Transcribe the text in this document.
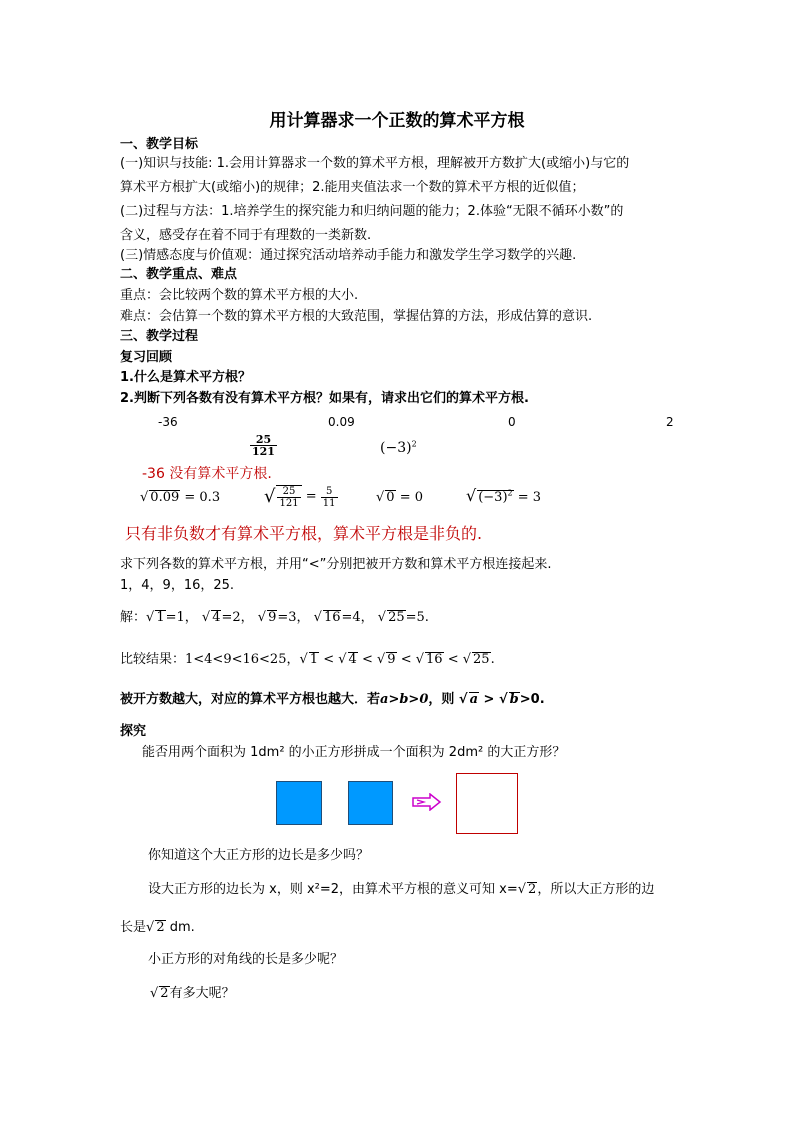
用计算器求一个正数的算术平方根
一、教学目标
(一)知识与技能: 1.会用计算器求一个数的算术平方根，理解被开方数扩大(或缩小)与它的
算术平方根扩大(或缩小)的规律；2.能用夹值法求一个数的算术平方根的近似值；
(二)过程与方法：1.培养学生的探究能力和归纳问题的能力；2.体验“无限不循环小数”的
含义，感受存在着不同于有理数的一类新数.
(三)情感态度与价值观：通过探究活动培养动手能力和激发学生学习数学的兴趣.
二、教学重点、难点
重点：会比较两个数的算术平方根的大小.
难点：会估算一个数的算术平方根的大致范围，掌握估算的方法，形成估算的意识.
三、教学过程
复习回顾
1.什么是算术平方根？
2.判断下列各数有没有算术平方根？如果有，请求出它们的算术平方根.
-36	0.09	0	2
$\frac{25}{121}$	$(-3)^2$
-36 没有算术平方根.
√ 0.09 = 0.3 √ $\frac{25}{121} = \frac{5}{11}$	√ 0 = 0	√ $(-3)^2 = 3$
只有非负数才有算术平方根，算术平方根是非负的.
求下列各数的算术平方根，并用“<”分别把被开方数和算术平方根连接起来.
1，4，9，16，25.
解：√ 1=1， √ 4=2， √ 9=3， √ 16=4， √ 25=5.
比较结果：1<4<9<16<25，√ 1 < √ 4 < √ 9 < √ 16 < √ 25.
被开方数越大，对应的算术平方根也越大．若a>b>0，则 √ a > √ b>0.
探究
能否用两个面积为 1dm² 的小正方形拼成一个面积为 2dm² 的大正方形？
你知道这个大正方形的边长是多少吗？
设大正方形的边长为 x，则 x²=2，由算术平方根的意义可知 x=√ 2，所以大正方形的边
长是√ 2 dm.
小正方形的对角线的长是多少呢？
√ 2有多大呢？
